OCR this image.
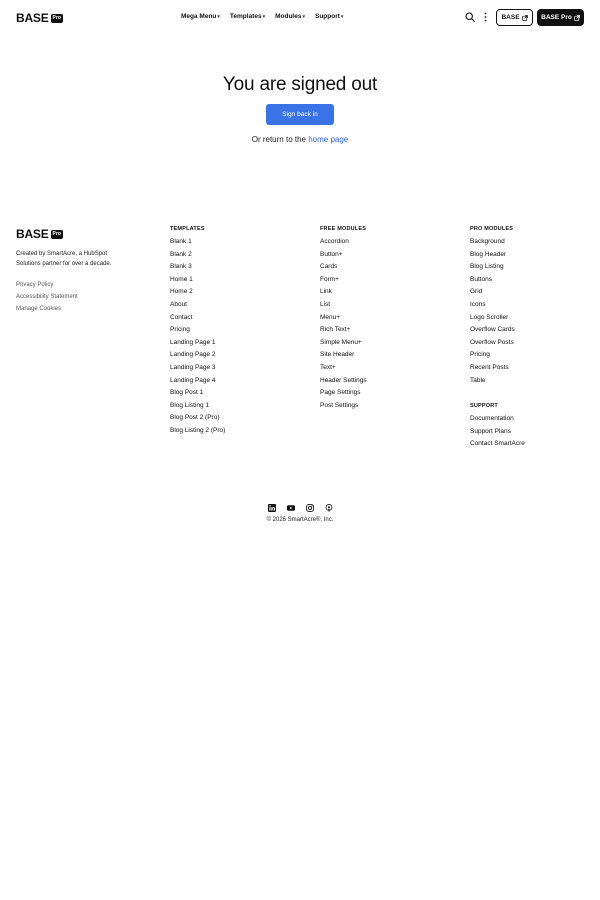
BASE Pro	Mega Menu ▾ Templates ▾ Modules ▾ Support ▾	BASE	BASE Pro
You are signed out
Sign back in

Or return to the home page

BASE Pro

Created by SmartAcre, a HubSpot Solutions partner for over a decade.

Privacy Policy
Accessibility Statement
Manage Cookies
TEMPLATES
Blank 1
Blank 2
Blank 3
Home 1
Home 2
About
Contact
Pricing
Landing Page 1
Landing Page 2
Landing Page 3
Landing Page 4
Blog Post 1
Blog Listing 1
Blog Post 2 (Pro)
Blog Listing 2 (Pro)
FREE MODULES
Accordion
Button+
Cards
Form+
Link
List
Menu+
Rich Text+
Simple Menu+
Site Header
Text+
Header Settings
Page Settings
Post Settings
PRO MODULES
Background
Blog Header
Blog Listing
Buttons
Grid
Icons
Logo Scroller
Overflow Cards
Overflow Posts
Pricing
Recent Posts
Table
SUPPORT
Documentation
Support Plans
Contact SmartAcre
© 2026 SmartAcre®, Inc.
